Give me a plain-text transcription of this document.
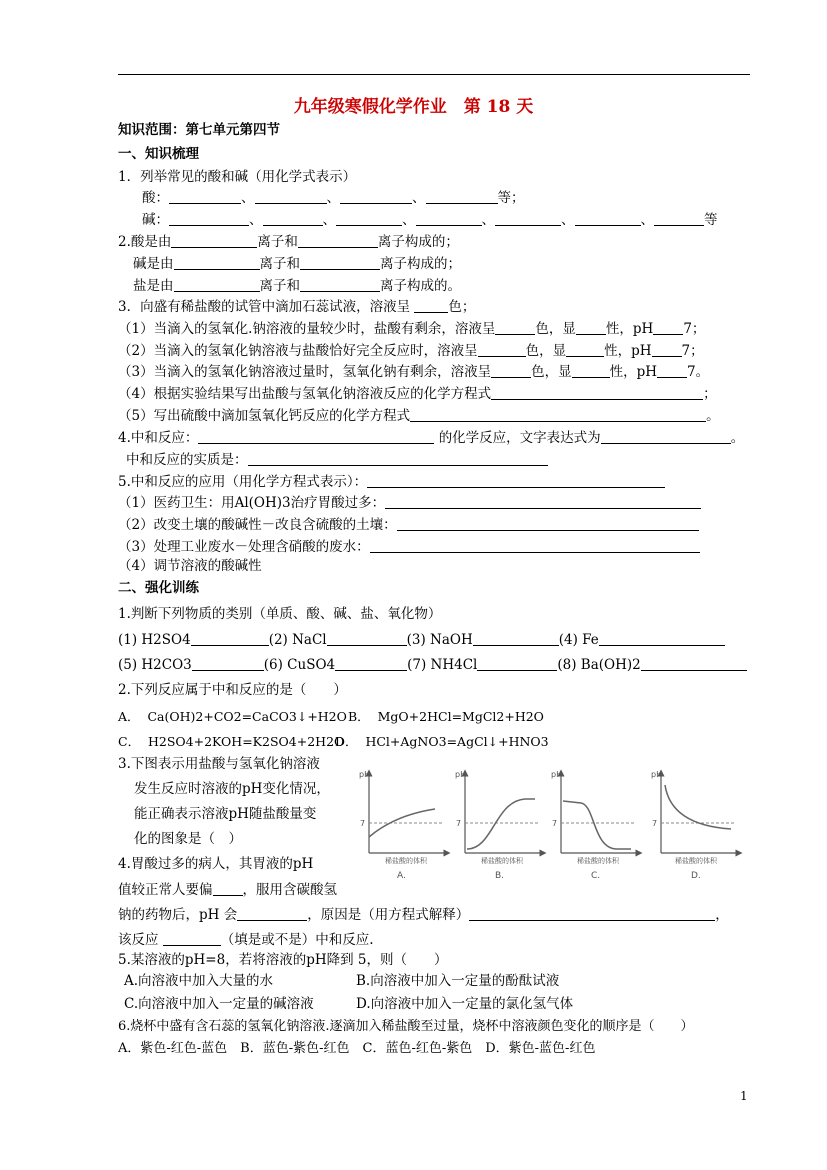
九年级寒假化学作业　第 18 天
知识范围：第七单元第四节
一、知识梳理
1．列举常见的酸和碱（用化学式表示）
酸：	、	、	、	等；
碱：	、	、	、	、	、	、	等
2.酸是由	离子和	离子构成的；
碱是由	离子和	离子构成的；
盐是由	离子和	离子构成的。
3．向盛有稀盐酸的试管中滴加石蕊试液，溶液呈	色；
（1）当滴入的氢氧化.钠溶液的量较少时，盐酸有剩余，溶液呈	色，显 性，pH 7；
（2）当滴入的氢氧化钠溶液与盐酸恰好完全反应时，溶液呈	色，显	性，pH 7；
（3）当滴入的氢氧化钠溶液过量时，氢氧化钠有剩余，溶液呈	色，显	性，pH 7。
（4）根据实验结果写出盐酸与氢氧化钠溶液反应的化学方程式	；
（5）写出硫酸中滴加氢氧化钙反应的化学方程式	。
4.中和反应：	的化学反应，文字表达式为	。
中和反应的实质是：
5.中和反应的应用（用化学方程式表示）：
（1）医药卫生：用Al(OH)3治疗胃酸过多：
（2）改变土壤的酸碱性－改良含硫酸的土壤：
（3）处理工业废水－处理含硝酸的废水：
（4）调节溶液的酸碱性
二、强化训练
1.判断下列物质的类别（单质、酸、碱、盐、氧化物）
(1) H2SO4	(2) NaCl	(3) NaOH	(4) Fe
(5) H2CO3	(6) CuSO4	(7) NH4Cl	(8) Ba(OH)2
2.下列反应属于中和反应的是（　　）
A．  Ca(OH)2+CO2=CaCO3↓+H2O B．  MgO+2HCl=MgCl2+H2O
C．  H2SO4+2KOH=K2SO4+2H2O
D．  HCl+AgNO3=AgCl↓+HNO3
3.下图表示用盐酸与氢氧化钠溶液
发生反应时溶液的pH变化情况，
能正确表示溶液pH随盐酸量变
化的图象是（　）
pH
7
稀盐酸的体积
A.
pH
7
稀盐酸的体积
B.
pH
7
稀盐酸的体积
C.
pH
7
稀盐酸的体积
D.
4.胃酸过多的病人，其胃液的pH
值较正常人要偏 ，服用含碳酸氢
钠的药物后，pH 会	，原因是（用方程式解释）	，
该反应	（填是或不是）中和反应.
5.某溶液的pH=8，若将溶液的pH降到 5，则（　　）
A.向溶液中加入大量的水	B.向溶液中加入一定量的酚酞试液
C.向溶液中加入一定量的碱溶液	D.向溶液中加入一定量的氯化氢气体
6.烧杯中盛有含石蕊的氢氧化钠溶液.逐滴加入稀盐酸至过量，烧杯中溶液颜色变化的顺序是（　　）
A．紫色-红色-蓝色　B．蓝色-紫色-红色　C．蓝色-红色-紫色　D．紫色-蓝色-红色
1
